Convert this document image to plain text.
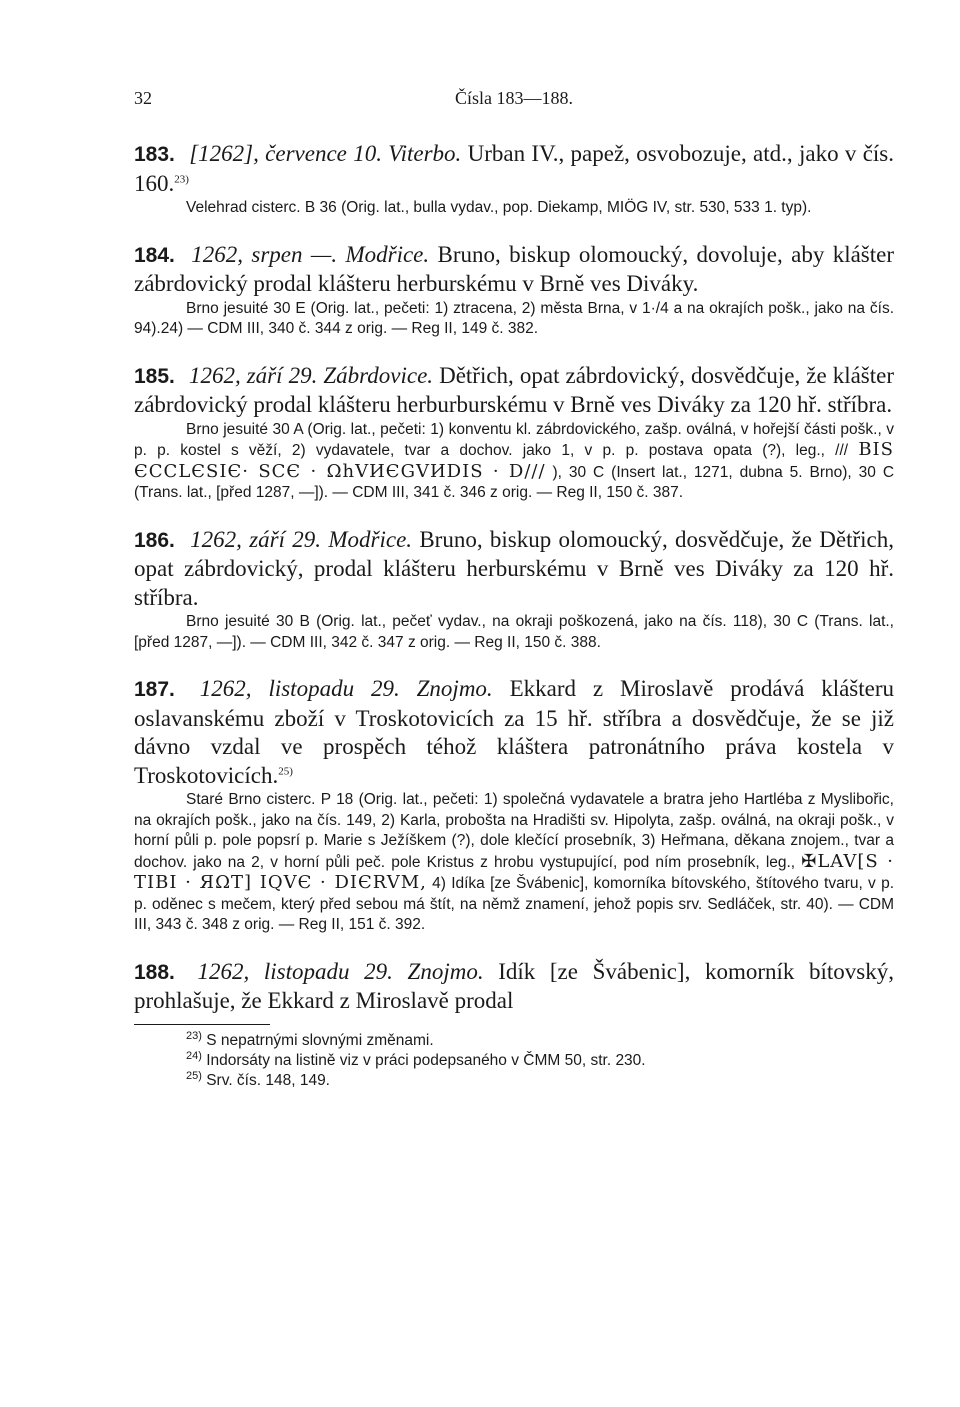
32	Čísla 183—188.

183. [1262], července 10. Viterbo. Urban IV., papež, osvobozuje, atd., jako v čís. 160.$^{23)}$

Velehrad cisterc. B 36 (Orig. lat., bulla vydav., pop. Diekamp, MIÖG IV, str. 530, 533 1. typ).

184. 1262, srpen —. Modřice. Bruno, biskup olomoucký, dovoluje, aby klášter zábrdovický prodal klášteru herburskému v Brně ves Diváky.

Brno jesuité 30 E (Orig. lat., pečeti: 1) ztracena, 2) města Brna, v 1·/4 a na okrajích pošk., jako na čís. 94).24) — CDM III, 340 č. 344 z orig. — Reg II, 149 č. 382.

185. 1262, září 29. Zábrdovice. Dětřich, opat zábrdovický, dosvědčuje, že klášter zábrdovický prodal klášteru herburburskému v Brně ves Diváky za 120 hř. stříbra.

Brno jesuité 30 A (Orig. lat., pečeti: 1) konventu kl. zábrdovického, zašp. oválná, v hořejší části pošk., v p. p. kostel s věží, 2) vydavatele, tvar a dochov. jako 1, v p. p. postava opata (?), leg., /// BIS ЄCCLЄSIЄ· SCЄ · ΩhVИЄGVИDIS · D/// ), 30 C (Insert lat., 1271, dubna 5. Brno), 30 C (Trans. lat., [před 1287, —]). — CDM III, 341 č. 346 z orig. — Reg II, 150 č. 387.

186. 1262, září 29. Modřice. Bruno, biskup olomoucký, dosvědčuje, že Dětřich, opat zábrdovický, prodal klášteru herburskému v Brně ves Diváky za 120 hř. stříbra.

Brno jesuité 30 B (Orig. lat., pečeť vydav., na okraji poškozená, jako na čís. 118), 30 C (Trans. lat., [před 1287, —]). — CDM III, 342 č. 347 z orig. — Reg II, 150 č. 388.

187. 1262, listopadu 29. Znojmo. Ekkard z Miroslavě prodává klášteru oslavanskému zboží v Troskotovicích za 15 hř. stříbra a dosvědčuje, že se již dávno vzdal ve prospěch téhož kláštera patronátního práva kostela v Troskotovicích.$^{25)}$

Staré Brno cisterc. P 18 (Orig. lat., pečeti: 1) společná vydavatele a bratra jeho Hartléba z Myslibořic, na okrajích pošk., jako na čís. 149, 2) Karla, proboštа na Hradišti sv. Hipolyta, zašp. oválná, na okraji pošk., v horní půli p. pole popsrí p. Marie s Ježíškem (?), dole klečící prosebník, 3) Heřmana, děkana znojem., tvar a dochov. jako na 2, v horní půli peč. pole Kristus z hrobu vystupující, pod ním prosebník, leg., ✠LAV[S · TIBI · ЯΩT] IQVЄ · DIЄRVM, 4) Idíka [ze Švábenic], komorníka bítovského, štítového tvaru, v p. p. oděnec s mečem, který před sebou má štít, na němž znamení, jehož popis srv. Sedláček, str. 40). — CDM III, 343 č. 348 z orig. — Reg II, 151 č. 392.

188. 1262, listopadu 29. Znojmo. Idík [ze Švábenic], komorník bítovský, prohlašuje, že Ekkard z Miroslavě prodal

$^{23)}$ S nepatrnými slovnými změnami.

$^{24)}$ Indorsáty na listině viz v práci podepsaného v ČMM 50, str. 230.

$^{25)}$ Srv. čís. 148, 149.
